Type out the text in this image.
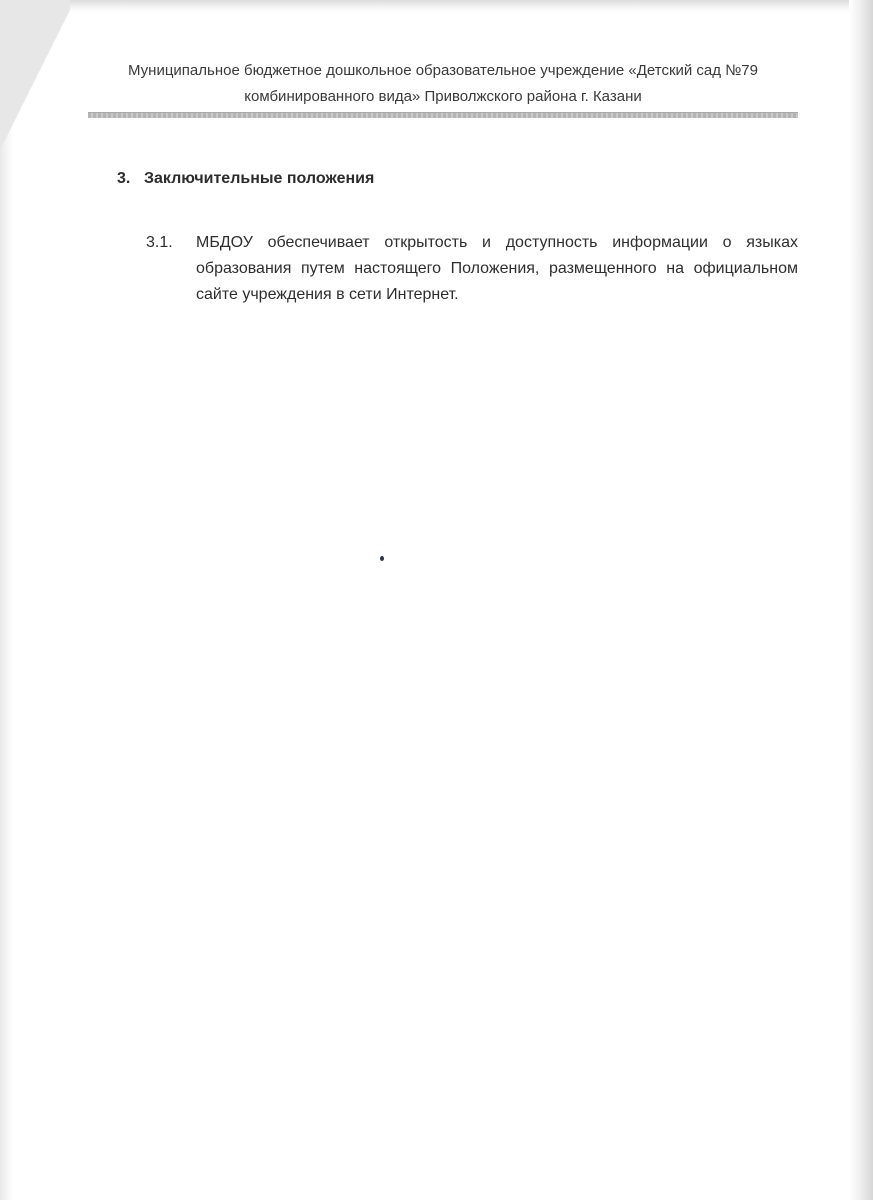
Муниципальное бюджетное дошкольное образовательное учреждение «Детский сад №79
комбинированного вида» Приволжского района г. Казани
3. Заключительные положения
3.1.	МБДОУ обеспечивает открытость и доступность информации о языках образования путем настоящего Положения, размещенного на официальном сайте учреждения в сети Интернет.
